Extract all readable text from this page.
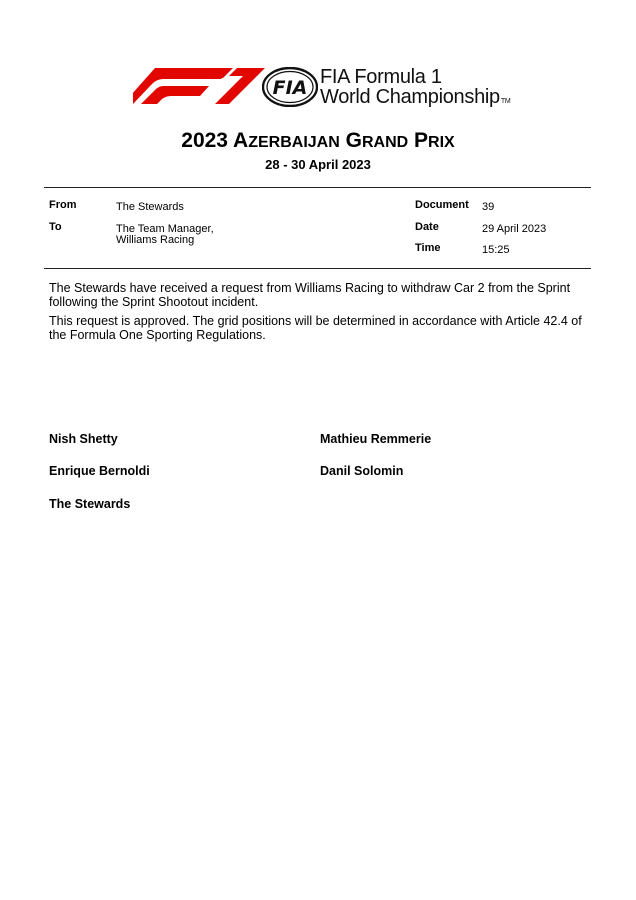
FIA FIA Formula 1
World ChampionshipTM
2023 AZERBAIJAN GRAND PRIX
28 - 30 April 2023
From	The Stewards
To	The Team Manager,
Williams Racing
Document 39
Date	29 April 2023
Time	15:25

The Stewards have received a request from Williams Racing to withdraw Car 2 from the Sprint following the Sprint Shootout incident.

This request is approved. The grid positions will be determined in accordance with Article 42.4 of the Formula One Sporting Regulations.

Nish Shetty	Mathieu Remmerie
Enrique Bernoldi	Danil Solomin
The Stewards
